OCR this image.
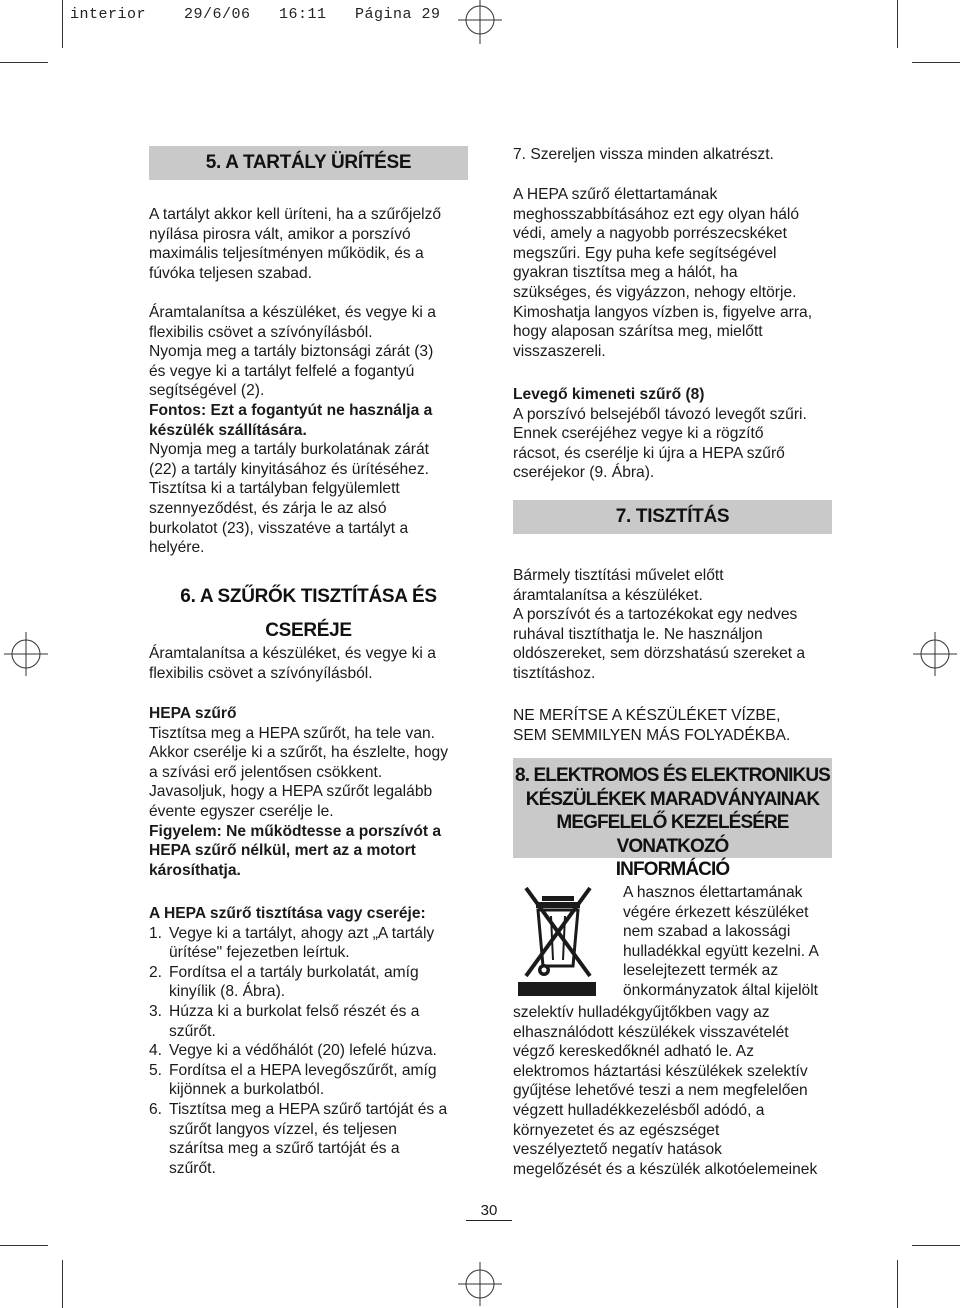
interior    29/6/06   16:11   Página 29
5. A TARTÁLY ÜRÍTÉSE
6. A SZŰRŐK TISZTÍTÁSA ÉS CSERÉJE
7. TISZTÍTÁS
8. ELEKTROMOS ÉS ELEKTRONIKUS
KÉSZÜLÉKEK MARADVÁNYAINAK
MEGFELELŐ KEZELÉSÉRE VONATKOZÓ
INFORMÁCIÓ

A tartályt akkor kell üríteni, ha a szűrőjelző

nyílása pirosra vált, amikor a porszívó

maximális teljesítményen működik, és a

fúvóka teljesen szabad.

Áramtalanítsa a készüléket, és vegye ki a

flexibilis csövet a szívónyílásból.

Nyomja meg a tartály biztonsági zárát (3)

és vegye ki a tartályt felfelé a fogantyú

segítségével (2).

Fontos: Ezt a fogantyút ne használja a

készülék szállítására.

Nyomja meg a tartály burkolatának zárát

(22) a tartály kinyitásához és ürítéséhez.

Tisztítsa ki a tartályban felgyülemlett

szennyeződést, és zárja le az alsó

burkolatot (23), visszatéve a tartályt a

helyére.

Áramtalanítsa a készüléket, és vegye ki a

flexibilis csövet a szívónyílásból.

HEPA szűrő

Tisztítsa meg a HEPA szűrőt, ha tele van.

Akkor cserélje ki a szűrőt, ha észlelte, hogy

a szívási erő jelentősen csökkent.

Javasoljuk, hogy a HEPA szűrőt legalább

évente egyszer cserélje le.

Figyelem: Ne működtesse a porszívót a

HEPA szűrő nélkül, mert az a motort

károsíthatja.

A HEPA szűrő tisztítása vagy cseréje:

1. Vegye ki a tartályt, ahogy azt „A tartály

ürítése" fejezetben leírtuk.

2. Fordítsa el a tartály burkolatát, amíg

kinyílik (8. Ábra).

3. Húzza ki a burkolat felső részét és a

szűrőt.

4. Vegye ki a védőhálót (20) lefelé húzva.

5. Fordítsa el a HEPA levegőszűrőt, amíg

kijönnek a burkolatból.

6. Tisztítsa meg a HEPA szűrő tartóját és a

szűrőt langyos vízzel, és teljesen

szárítsa meg a szűrő tartóját és a

szűrőt.

7. Szereljen vissza minden alkatrészt.

A HEPA szűrő élettartamának

meghosszabbításához ezt egy olyan háló

védi, amely a nagyobb porrészecskéket

megszűri. Egy puha kefe segítségével

gyakran tisztítsa meg a hálót, ha

szükséges, és vigyázzon, nehogy eltörje.

Kimoshatja langyos vízben is, figyelve arra,

hogy alaposan szárítsa meg, mielőtt

visszaszereli.

Levegő kimeneti szűrő (8)

A porszívó belsejéből távozó levegőt szűri.

Ennek cseréjéhez vegye ki a rögzítő

rácsot, és cserélje ki újra a HEPA szűrő

cseréjekor (9. Ábra).

Bármely tisztítási művelet előtt

áramtalanítsa a készüléket.

A porszívót és a tartozékokat egy nedves

ruhával tisztíthatja le. Ne használjon

oldószereket, sem dörzshatású szereket a

tisztításhoz.

NE MERÍTSE A KÉSZÜLÉKET VÍZBE,

SEM SEMMILYEN MÁS FOLYADÉKBA.

A hasznos élettartamának

végére érkezett készüléket

nem szabad a lakossági

hulladékkal együtt kezelni. A

leselejtezett termék az

önkormányzatok által kijelölt

szelektív hulladékgyűjtőkben vagy az

elhasználódott készülékek visszavételét

végző kereskedőknél adható le. Az

elektromos háztartási készülékek szelektív

gyűjtése lehetővé teszi a nem megfelelően

végzett hulladékkezelésből adódó, a

környezetet és az egészséget

veszélyeztető negatív hatások

megelőzését és a készülék alkotóelemeinek

30
